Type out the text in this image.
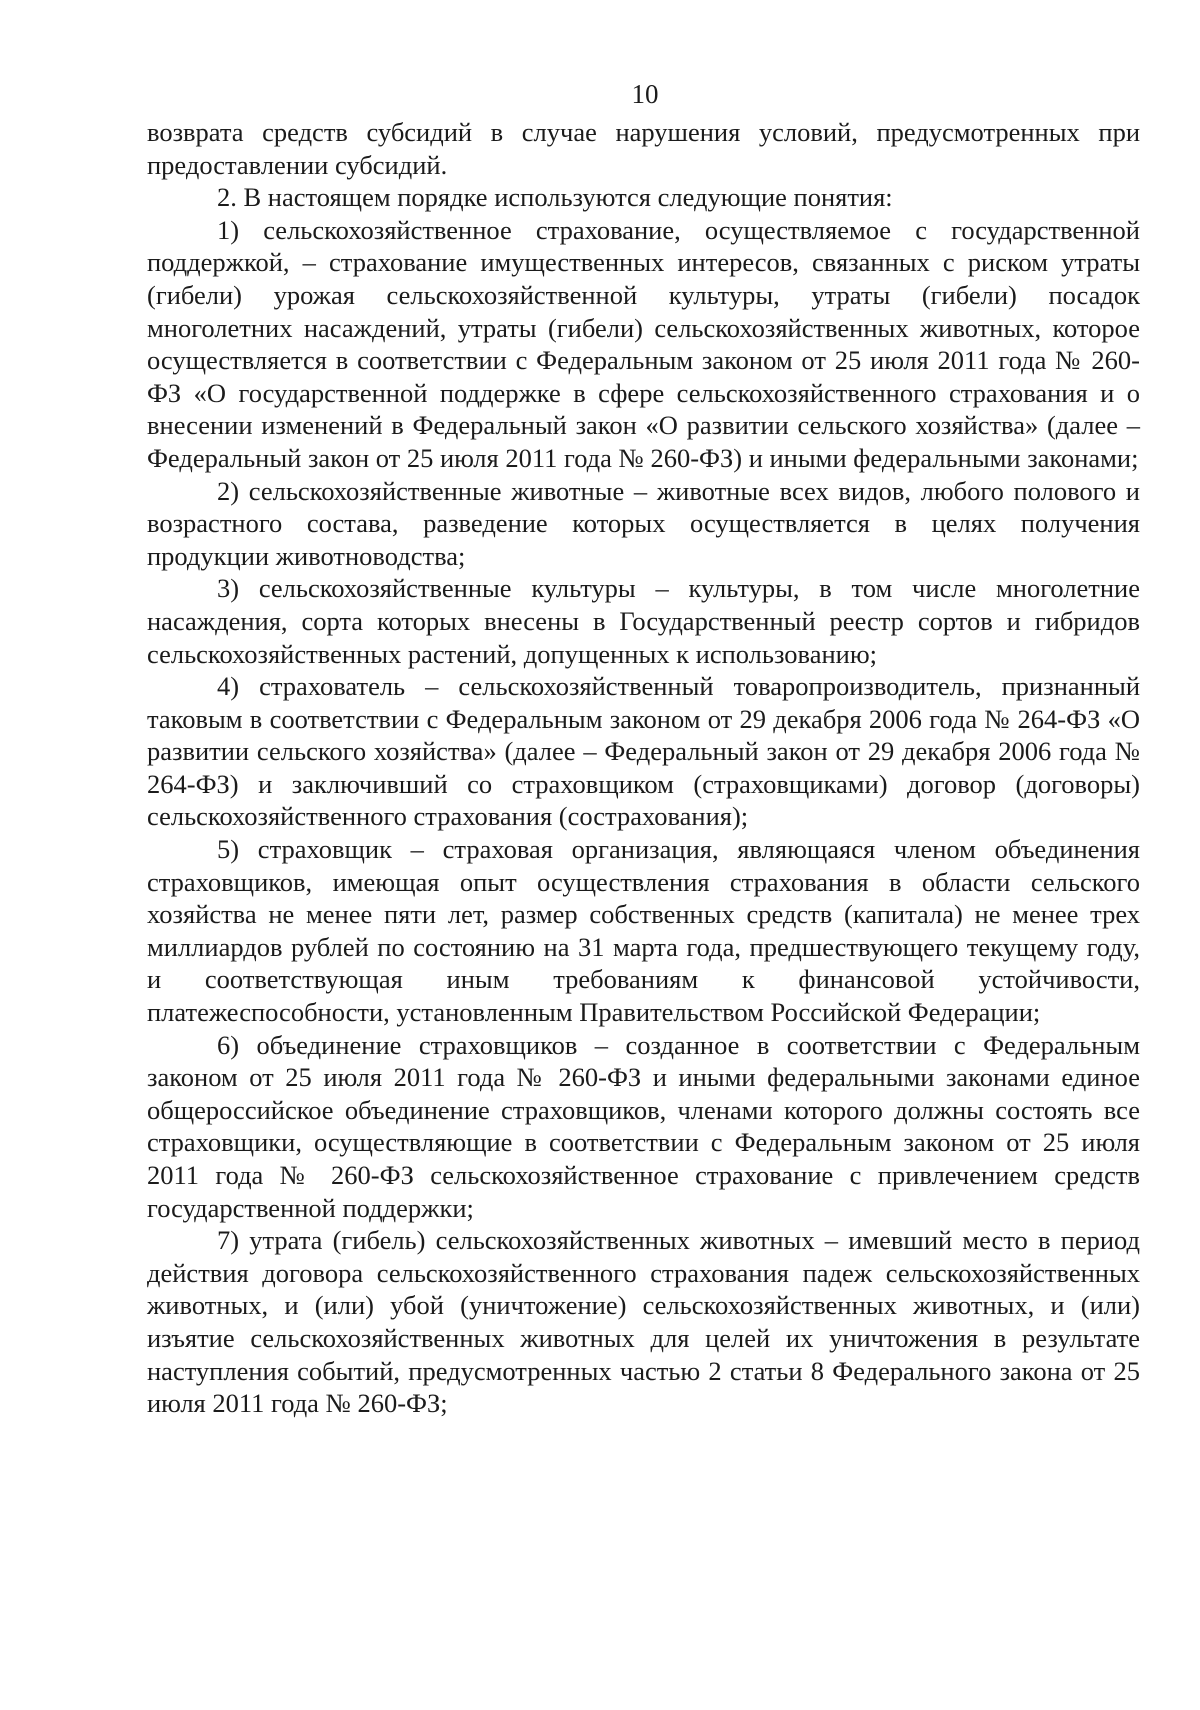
10

возврата средств субсидий в случае нарушения условий, предусмотренных при предоставлении субсидий.

2. В настоящем порядке используются следующие понятия:

1) сельскохозяйственное страхование, осуществляемое с государственной поддержкой, – страхование имущественных интересов, связанных с риском утраты (гибели) урожая сельскохозяйственной культуры, утраты (гибели) посадок многолетних насаждений, утраты (гибели) сельскохозяйственных животных, которое осуществляется в соответствии с Федеральным законом от 25 июля 2011 года № 260-ФЗ «О государственной поддержке в сфере сельскохозяйственного страхования и о внесении изменений в Федеральный закон «О развитии сельского хозяйства» (далее – Федеральный закон от 25 июля 2011 года № 260-ФЗ) и иными федеральными законами;

2) сельскохозяйственные животные – животные всех видов, любого полового и возрастного состава, разведение которых осуществляется в целях получения продукции животноводства;

3) сельскохозяйственные культуры – культуры, в том числе многолетние насаждения, сорта которых внесены в Государственный реестр сортов и гибридов сельскохозяйственных растений, допущенных к использованию;

4) страхователь – сельскохозяйственный товаропроизводитель, признанный таковым в соответствии с Федеральным законом от 29 декабря 2006 года № 264-ФЗ «О развитии сельского хозяйства» (далее – Федеральный закон от 29 декабря 2006 года № 264-ФЗ) и заключивший со страховщиком (страховщиками) договор (договоры) сельскохозяйственного страхования (сострахования);

5) страховщик – страховая организация, являющаяся членом объединения страховщиков, имеющая опыт осуществления страхования в области сельского хозяйства не менее пяти лет, размер собственных средств (капитала) не менее трех миллиардов рублей по состоянию на 31 марта года, предшествующего текущему году, и соответствующая иным требованиям к финансовой устойчивости, платежеспособности, установленным Правительством Российской Федерации;

6) объединение страховщиков – созданное в соответствии с Федеральным законом от 25 июля 2011 года № 260-ФЗ и иными федеральными законами единое общероссийское объединение страховщиков, членами которого должны состоять все страховщики, осуществляющие в соответствии с Федеральным законом от 25 июля 2011 года № 260-ФЗ сельскохозяйственное страхование с привлечением средств государственной поддержки;

7) утрата (гибель) сельскохозяйственных животных – имевший место в период действия договора сельскохозяйственного страхования падеж сельскохозяйственных животных, и (или) убой (уничтожение) сельскохозяйственных животных, и (или) изъятие сельскохозяйственных животных для целей их уничтожения в результате наступления событий, предусмотренных частью 2 статьи 8 Федерального закона от 25 июля 2011 года № 260-ФЗ;
